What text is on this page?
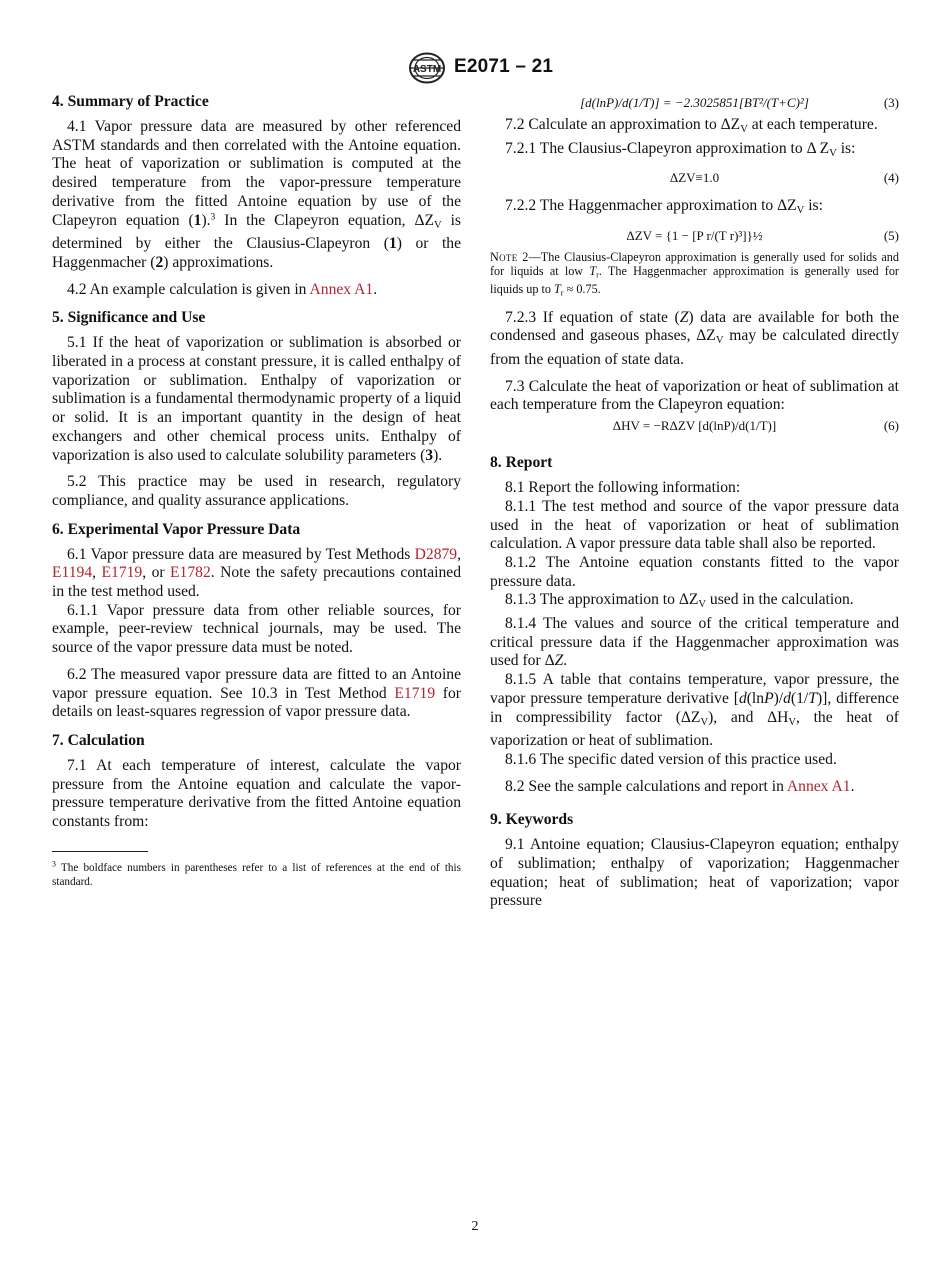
ASTM E2071 – 21
4. Summary of Practice

4.1 Vapor pressure data are measured by other referenced ASTM standards and then correlated with the Antoine equation. The heat of vaporization or sublimation is computed at the desired temperature from the vapor-pressure temperature derivative from the fitted Antoine equation by use of the Clapeyron equation (1).$^3$ In the Clapeyron equation, $\Delta Z_V$ is determined by either the Clausius-Clapeyron (1) or the Haggenmacher (2) approximations.

4.2 An example calculation is given in Annex A1.

5. Significance and Use

5.1 If the heat of vaporization or sublimation is absorbed or liberated in a process at constant pressure, it is called enthalpy of vaporization or sublimation. Enthalpy of vaporization or sublimation is a fundamental thermodynamic property of a liquid or solid. It is an important quantity in the design of heat exchangers and other chemical process units. Enthalpy of vaporization is also used to calculate solubility parameters (3).

5.2 This practice may be used in research, regulatory compliance, and quality assurance applications.

6. Experimental Vapor Pressure Data

6.1 Vapor pressure data are measured by Test Methods D2879, E1194, E1719, or E1782. Note the safety precautions contained in the test method used.

6.1.1 Vapor pressure data from other reliable sources, for example, peer-review technical journals, may be used. The source of the vapor pressure data must be noted.

6.2 The measured vapor pressure data are fitted to an Antoine vapor pressure equation. See 10.3 in Test Method E1719 for details on least-squares regression of vapor pressure data.

7. Calculation

7.1 At each temperature of interest, calculate the vapor pressure from the Antoine equation and calculate the vapor-pressure temperature derivative from the fitted Antoine equation constants from:

$^3$ The boldface numbers in parentheses refer to a list of references at the end of this standard.
[d(lnP)/d(1/T)] = −2.3025851[BT²/(T+C)²]	(3)

7.2 Calculate an approximation to $\Delta Z_V$ at each temperature.

7.2.1 The Clausius-Clapeyron approximation to Δ $Z_V$ is:

ΔZV≡1.0	(4)

7.2.2 The Haggenmacher approximation to $\Delta Z_V$ is:

ΔZV = {1 − [P r/(T r)³]}½	(5)
Note 2—The Clausius-Clapeyron approximation is generally used for solids and for liquids at low $T_r$. The Haggenmacher approximation is generally used for liquids up to $T_r \approx 0.75$.

7.2.3 If equation of state (Z) data are available for both the condensed and gaseous phases, $\Delta Z_V$ may be calculated directly from the equation of state data.

7.3 Calculate the heat of vaporization or heat of sublimation at each temperature from the Clapeyron equation:

ΔHV = −RΔZV [d(lnP)/d(1/T)]	(6)
8. Report

8.1 Report the following information:

8.1.1 The test method and source of the vapor pressure data used in the heat of vaporization or heat of sublimation calculation. A vapor pressure data table shall also be reported.

8.1.2 The Antoine equation constants fitted to the vapor pressure data.

8.1.3 The approximation to $\Delta Z_V$ used in the calculation.

8.1.4 The values and source of the critical temperature and critical pressure data if the Haggenmacher approximation was used for ΔZ.

8.1.5 A table that contains temperature, vapor pressure, the vapor pressure temperature derivative [d(lnP)/d(1/T)], difference in compressibility factor $(\Delta Z_V)$, and $\Delta H_V$, the heat of vaporization or heat of sublimation.

8.1.6 The specific dated version of this practice used.

8.2 See the sample calculations and report in Annex A1.

9. Keywords

9.1 Antoine equation; Clausius-Clapeyron equation; enthalpy of sublimation; enthalpy of vaporization; Haggenmacher equation; heat of sublimation; heat of vaporization; vapor pressure

2
